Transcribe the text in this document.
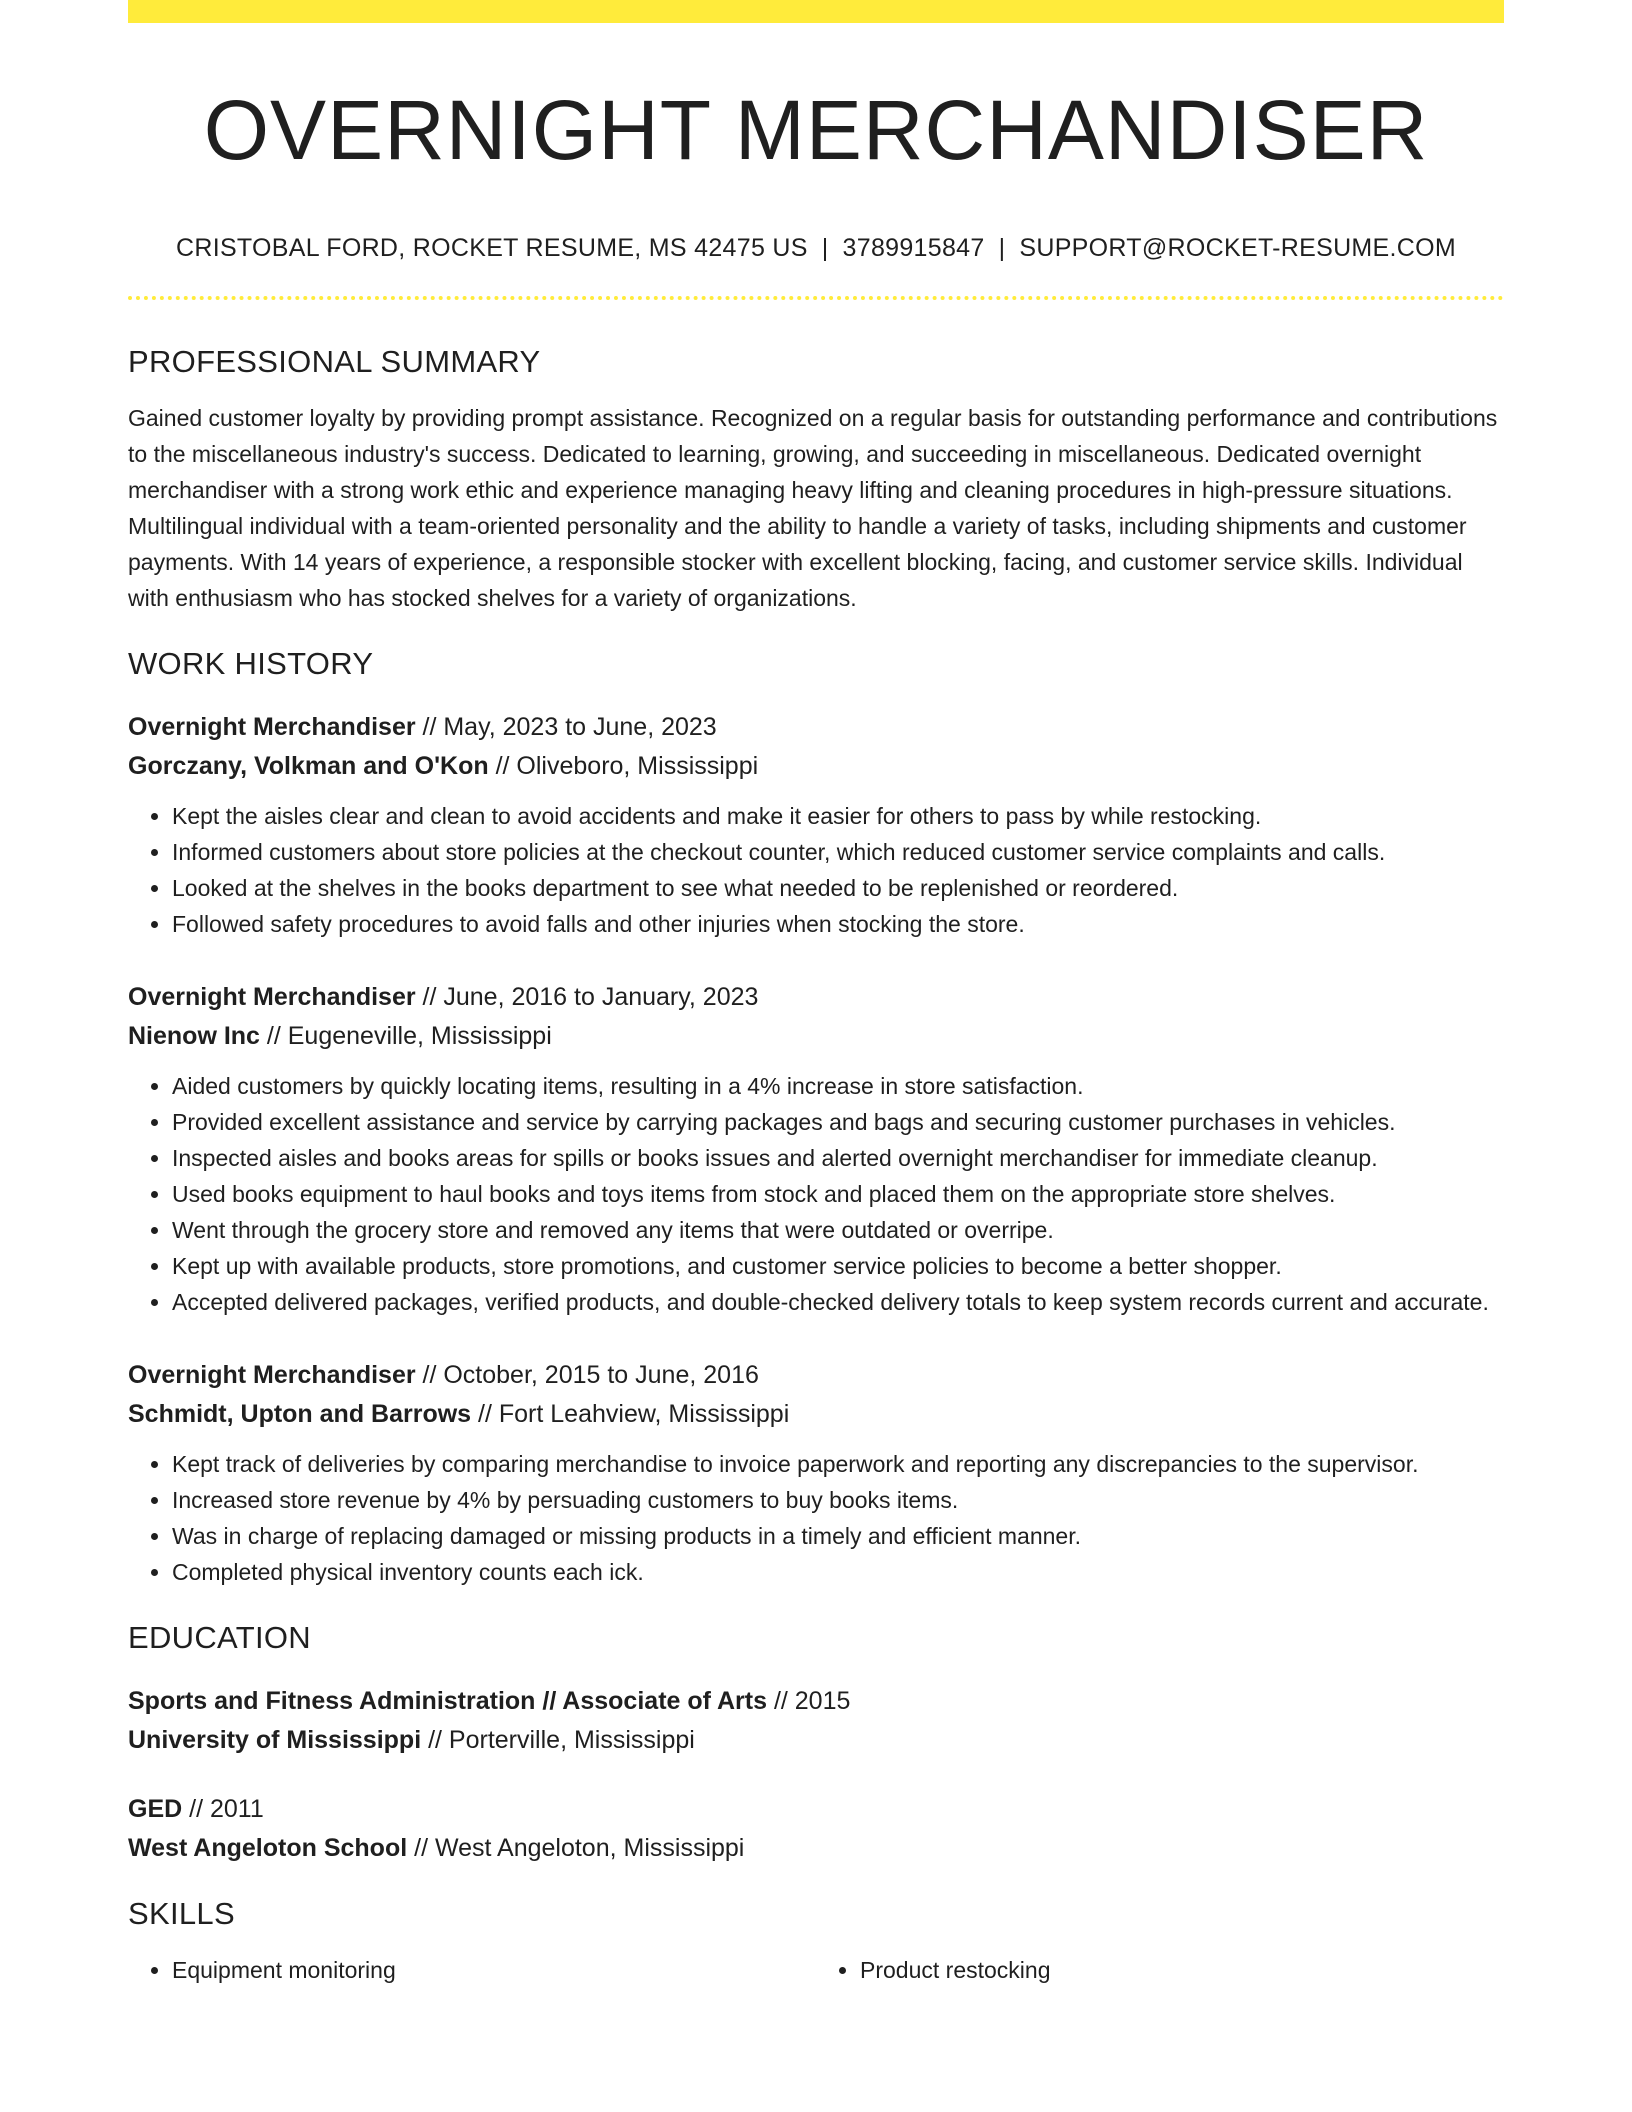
OVERNIGHT MERCHANDISER
CRISTOBAL FORD, ROCKET RESUME, MS 42475 US | 3789915847 | SUPPORT@ROCKET-RESUME.COM
PROFESSIONAL SUMMARY
Gained customer loyalty by providing prompt assistance. Recognized on a regular basis for outstanding performance and contributions to the miscellaneous industry's success. Dedicated to learning, growing, and succeeding in miscellaneous. Dedicated overnight merchandiser with a strong work ethic and experience managing heavy lifting and cleaning procedures in high-pressure situations. Multilingual individual with a team-oriented personality and the ability to handle a variety of tasks, including shipments and customer payments. With 14 years of experience, a responsible stocker with excellent blocking, facing, and customer service skills. Individual with enthusiasm who has stocked shelves for a variety of organizations.
WORK HISTORY
Overnight Merchandiser // May, 2023 to June, 2023
Gorczany, Volkman and O'Kon // Oliveboro, Mississippi
• Kept the aisles clear and clean to avoid accidents and make it easier for others to pass by while restocking.
• Informed customers about store policies at the checkout counter, which reduced customer service complaints and calls.
• Looked at the shelves in the books department to see what needed to be replenished or reordered.
• Followed safety procedures to avoid falls and other injuries when stocking the store.
Overnight Merchandiser // June, 2016 to January, 2023
Nienow Inc // Eugeneville, Mississippi
• Aided customers by quickly locating items, resulting in a 4% increase in store satisfaction.
• Provided excellent assistance and service by carrying packages and bags and securing customer purchases in vehicles.
• Inspected aisles and books areas for spills or books issues and alerted overnight merchandiser for immediate cleanup.
• Used books equipment to haul books and toys items from stock and placed them on the appropriate store shelves.
• Went through the grocery store and removed any items that were outdated or overripe.
• Kept up with available products, store promotions, and customer service policies to become a better shopper.
• Accepted delivered packages, verified products, and double-checked delivery totals to keep system records current and accurate.
Overnight Merchandiser // October, 2015 to June, 2016
Schmidt, Upton and Barrows // Fort Leahview, Mississippi
• Kept track of deliveries by comparing merchandise to invoice paperwork and reporting any discrepancies to the supervisor.
• Increased store revenue by 4% by persuading customers to buy books items.
• Was in charge of replacing damaged or missing products in a timely and efficient manner.
• Completed physical inventory counts each ick.
EDUCATION
Sports and Fitness Administration // Associate of Arts // 2015
University of Mississippi // Porterville, Mississippi
GED // 2011
West Angeloton School // West Angeloton, Mississippi
SKILLS
• Equipment monitoring
•	Product restocking
